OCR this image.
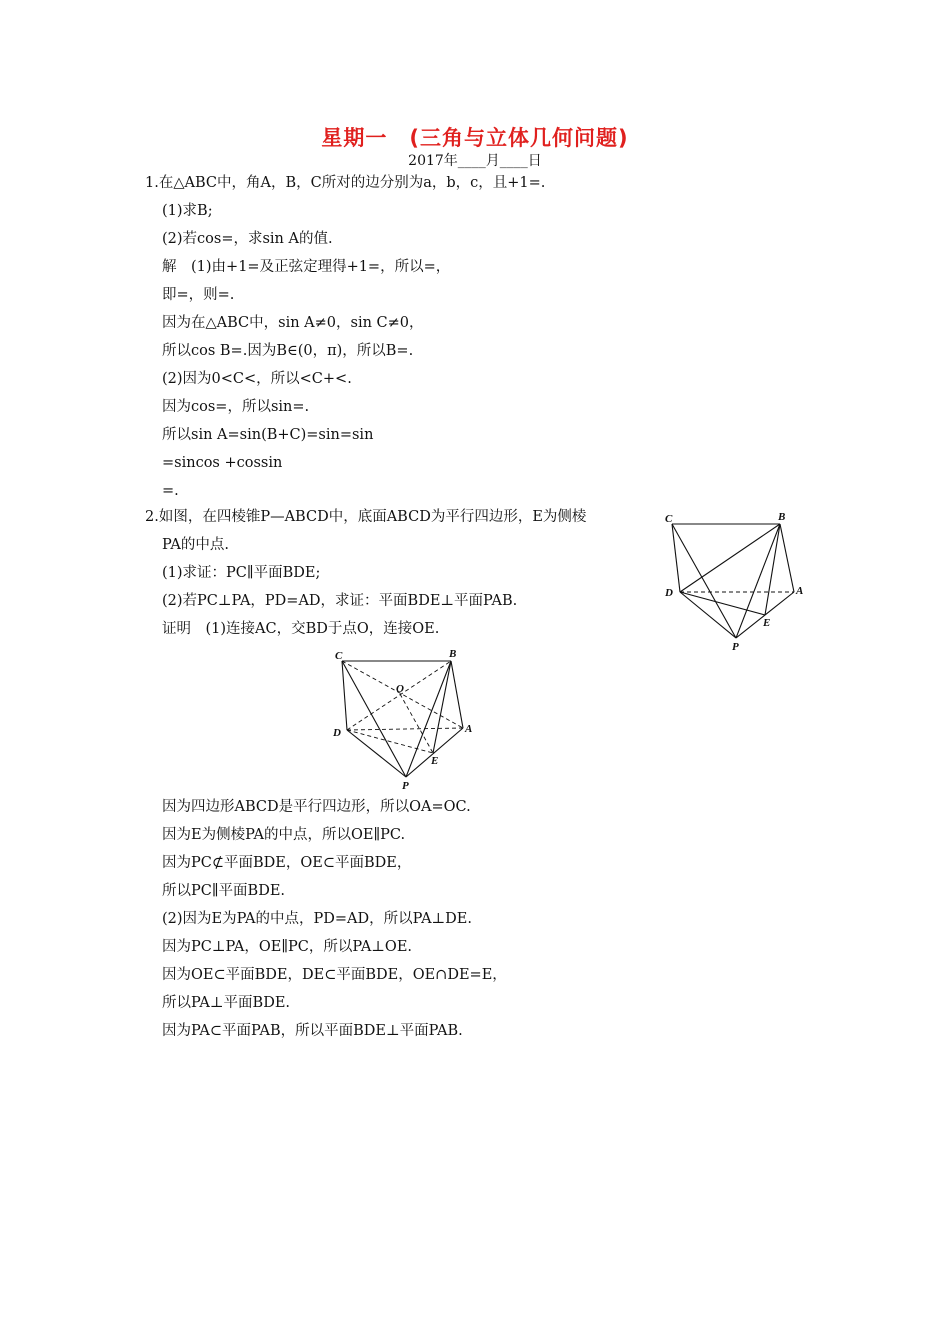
星期一　(三角与立体几何问题)
2017年____月____日
1.在△ABC中，角A，B，C所对的边分别为a，b，c，且+1=.
(1)求B;
(2)若cos=，求sin A的值.
解　(1)由+1=及正弦定理得+1=，所以=，
即=，则=.
因为在△ABC中，sin A≠0，sin C≠0，
所以cos B=.因为B∈(0，π)，所以B=.
(2)因为0<C<，所以<C+<.
因为cos=，所以sin=.
所以sin A=sin(B+C)=sin=sin
=sincos +cossin
=.
2.如图，在四棱锥P—ABCD中，底面ABCD为平行四边形，E为侧棱
PA的中点.
(1)求证：PC∥平面BDE;
(2)若PC⊥PA，PD=AD，求证：平面BDE⊥平面PAB.
证明　(1)连接AC，交BD于点O，连接OE.
因为四边形ABCD是平行四边形，所以OA=OC.
因为E为侧棱PA的中点，所以OE∥PC.
因为PC⊄平面BDE，OE⊂平面BDE，
所以PC∥平面BDE.
(2)因为E为PA的中点，PD=AD，所以PA⊥DE.
因为PC⊥PA，OE∥PC，所以PA⊥OE.
因为OE⊂平面BDE，DE⊂平面BDE，OE∩DE=E，
所以PA⊥平面BDE.
因为PA⊂平面PAB，所以平面BDE⊥平面PAB.
C	B
D	A
E
P
C	B
O
D	A
E
P
